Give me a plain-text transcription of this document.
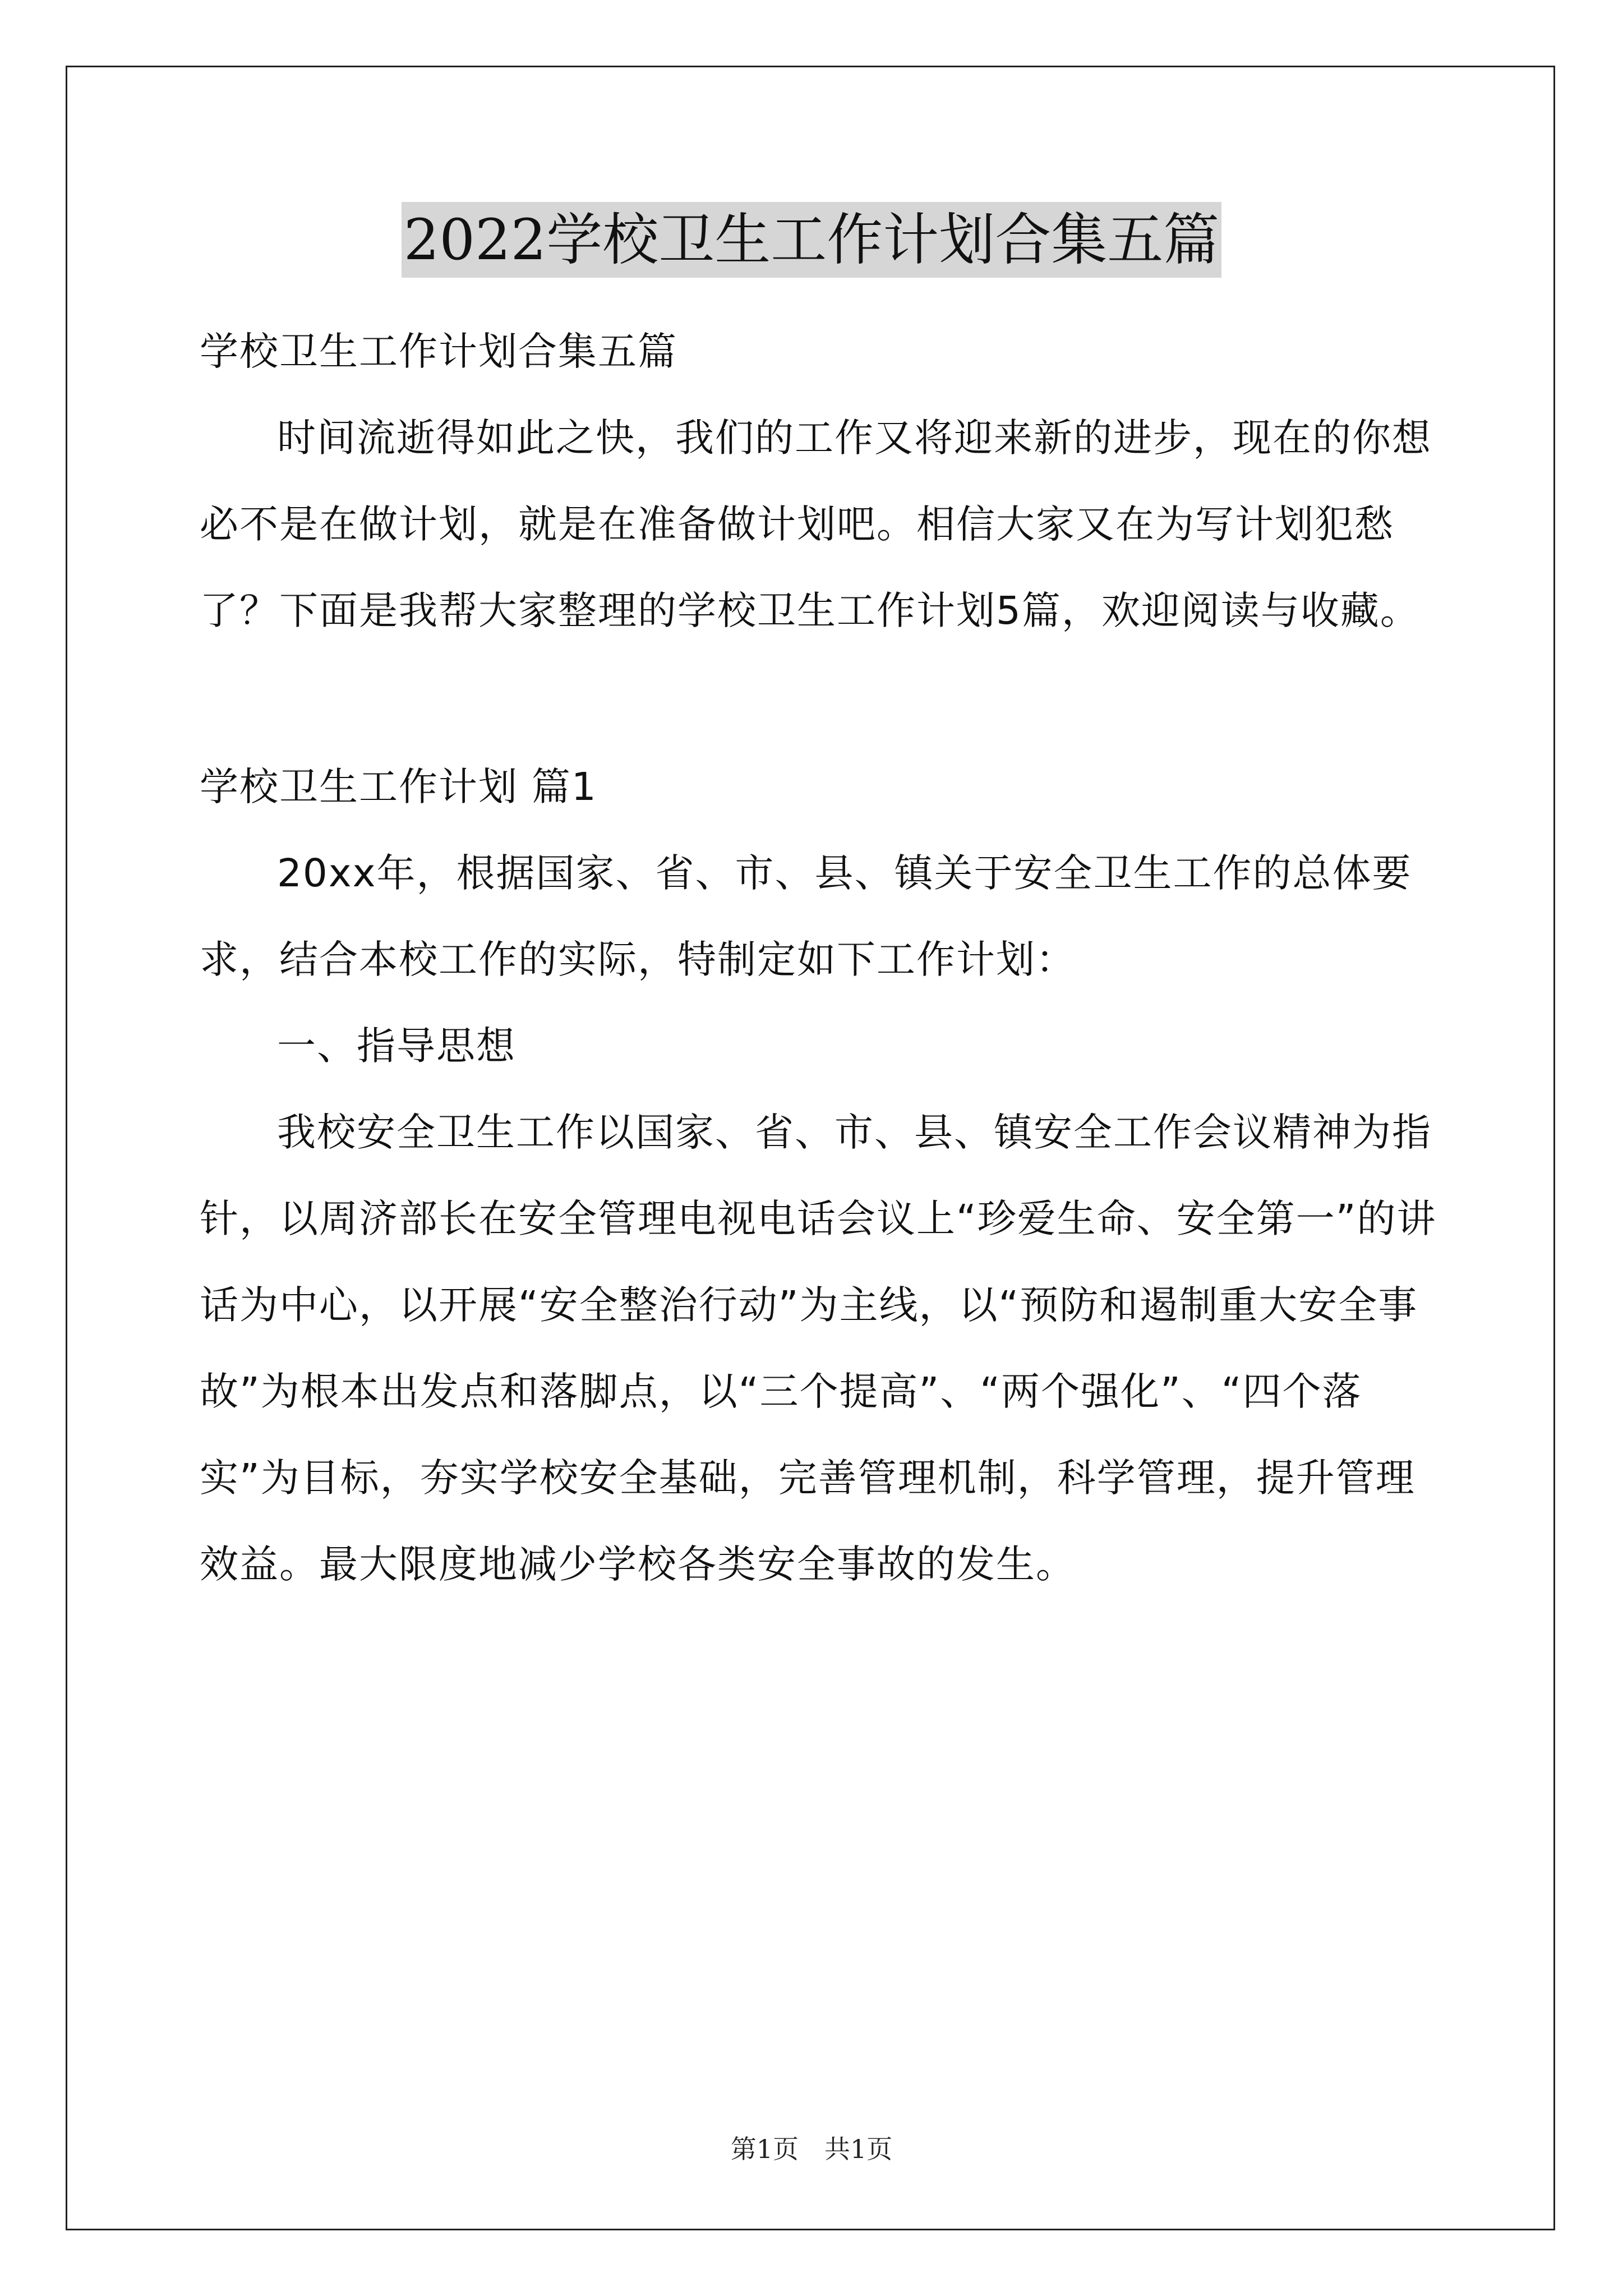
2022学校卫生工作计划合集五篇

学校卫生工作计划合集五篇

时间流逝得如此之快，我们的工作又将迎来新的进步，现在的你想必不是在做计划，就是在准备做计划吧。相信大家又在为写计划犯愁了？下面是我帮大家整理的学校卫生工作计划5篇，欢迎阅读与收藏。

学校卫生工作计划 篇1

20xx年，根据国家、省、市、县、镇关于安全卫生工作的总体要求，结合本校工作的实际，特制定如下工作计划：

一、指导思想

我校安全卫生工作以国家、省、市、县、镇安全工作会议精神为指针，以周济部长在安全管理电视电话会议上“珍爱生命、安全第一”的讲话为中心，以开展“安全整治行动”为主线，以“预防和遏制重大安全事故”为根本出发点和落脚点，以“三个提高”、“两个强化”、“四个落实”为目标，夯实学校安全基础，完善管理机制，科学管理，提升管理效益。最大限度地减少学校各类安全事故的发生。

第1页　共1页
